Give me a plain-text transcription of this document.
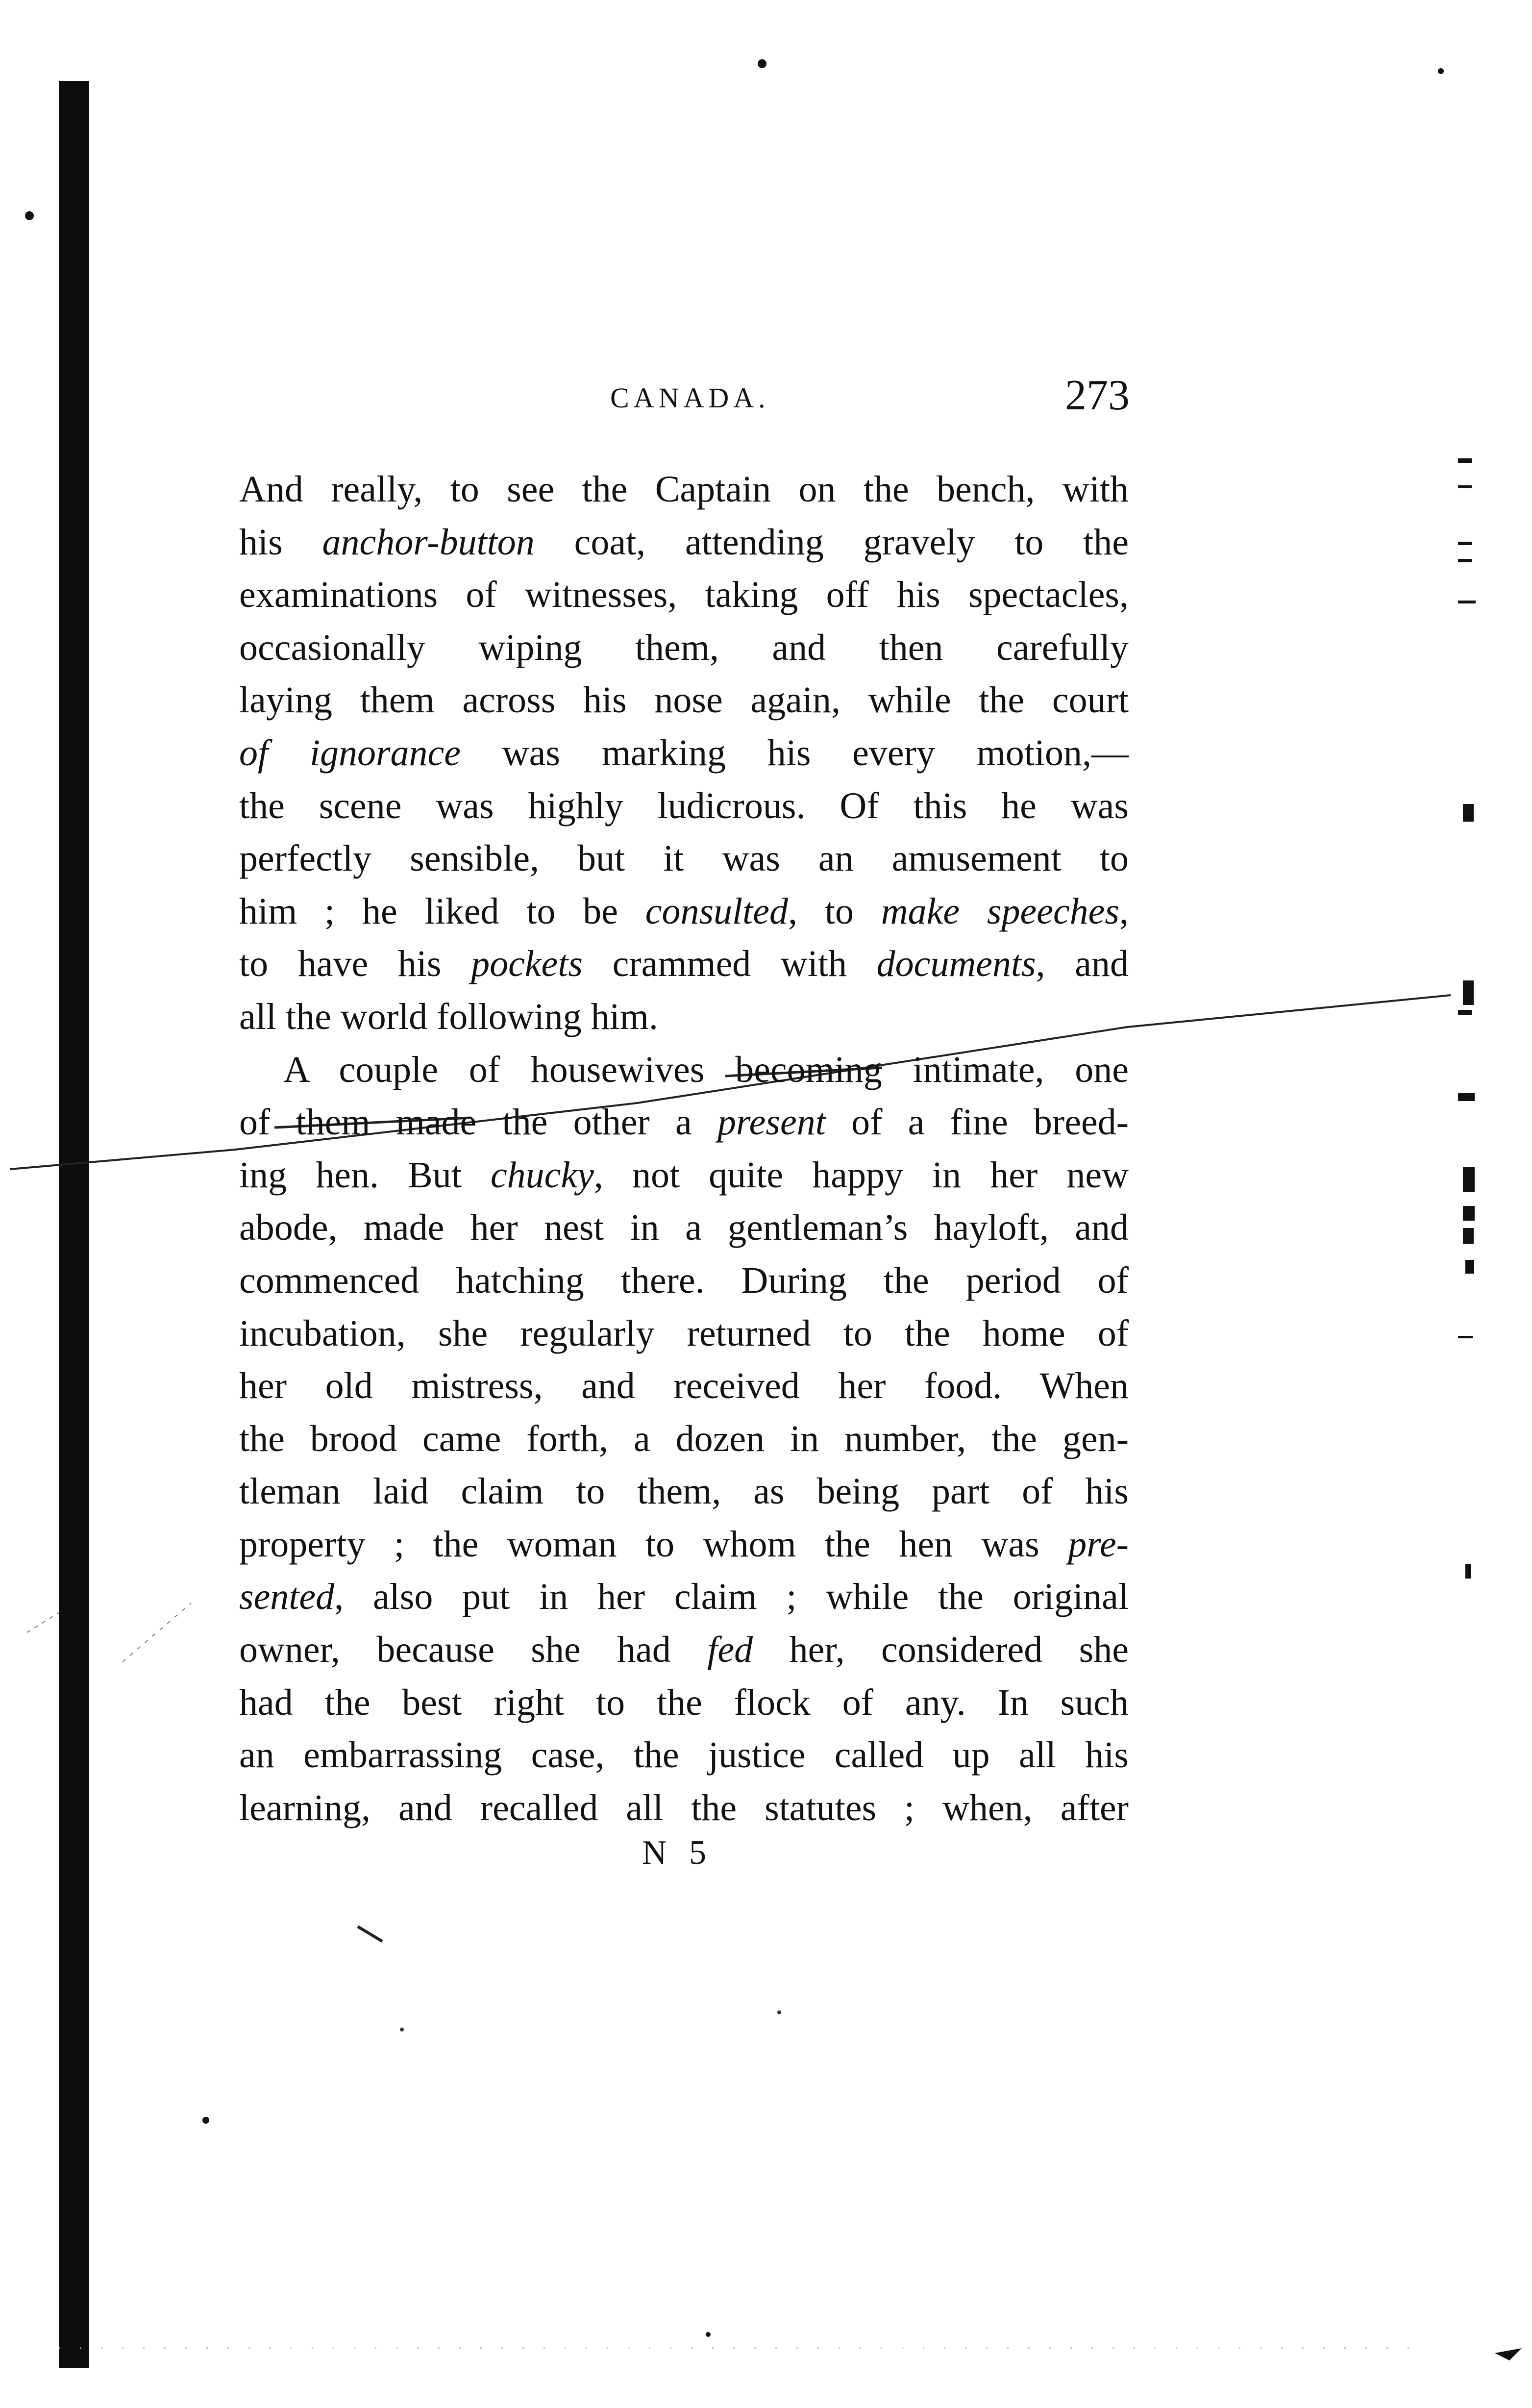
CANADA.	273
And really, to see the Captain on the bench, with
his anchor-button coat, attending gravely to the
examinations of witnesses, taking off his spectacles,
occasionally wiping them, and then carefully
laying them across his nose again, while the court
of ignorance was marking his every motion,—
the scene was highly ludicrous. Of this he was
perfectly sensible, but it was an amusement to
him ; he liked to be consulted, to make speeches,
to have his pockets crammed with documents, and
all the world following him.
A couple of housewives becoming intimate, one
of them made the other a present of a fine breed-
ing hen. But chucky, not quite happy in her new
abode, made her nest in a gentleman’s hayloft, and
commenced hatching there. During the period of
incubation, she regularly returned to the home of
her old mistress, and received her food. When
the brood came forth, a dozen in number, the gen-
tleman laid claim to them, as being part of his
property ; the woman to whom the hen was pre-
sented, also put in her claim ; while the original
owner, because she had fed her, considered she
had the best right to the flock of any. In such
an embarrassing case, the justice called up all his
learning, and recalled all the statutes ; when, after
N 5
